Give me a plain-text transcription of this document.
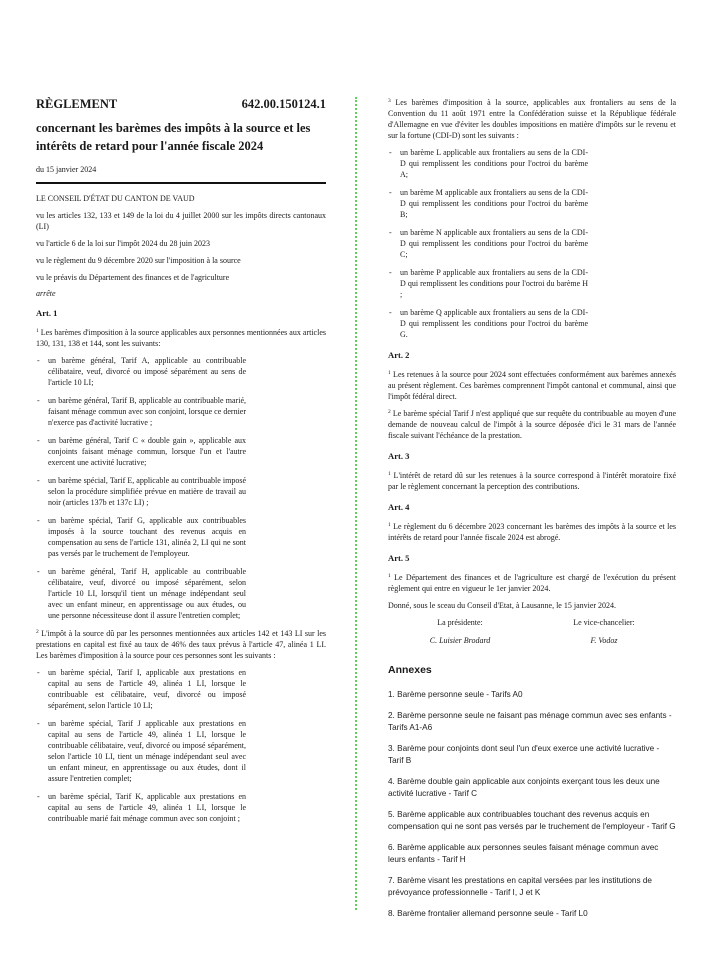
RÈGLEMENT	642.00.150124.1
concernant les barèmes des impôts à la source et les intérêts de retard pour l'année fiscale 2024
du 15 janvier 2024

LE CONSEIL D'ÉTAT DU CANTON DE VAUD

vu les articles 132, 133 et 149 de la loi du 4 juillet 2000 sur les impôts directs cantonaux (LI)

vu l'article 6 de la loi sur l'impôt 2024 du 28 juin 2023

vu le règlement du 9 décembre 2020 sur l'imposition à la source

vu le préavis du Département des finances et de l'agriculture

arrête
Art. 1

$^1$ Les barèmes d'imposition à la source applicables aux personnes mentionnées aux articles 130, 131, 138 et 144, sont les suivants:

- un barème général, Tarif A, applicable au contribuable célibataire, veuf, divorcé ou imposé séparément au sens de l'article 10 LI;
- un barème général, Tarif B, applicable au contribuable marié, faisant ménage commun avec son conjoint, lorsque ce dernier n'exerce pas d'activité lucrative ;
- un barème général, Tarif C « double gain », applicable aux conjoints faisant ménage commun, lorsque l'un et l'autre exercent une activité lucrative;
- un barème spécial, Tarif E, applicable au contribuable imposé selon la procédure simplifiée prévue en matière de travail au noir (articles 137b et 137c LI) ;
- un barème spécial, Tarif G, applicable aux contribuables imposés à la source touchant des revenus acquis en compensation au sens de l'article 131, alinéa 2, LI qui ne sont pas versés par le truchement de l'employeur.
- un barème général, Tarif H, applicable au contribuable célibataire, veuf, divorcé ou imposé séparément, selon l'article 10 LI, lorsqu'il tient un ménage indépendant seul avec un enfant mineur, en apprentissage ou aux études, ou une personne nécessiteuse dont il assure l'entretien complet;

$^2$ L'impôt à la source dû par les personnes mentionnées aux articles 142 et 143 LI sur les prestations en capital est fixé au taux de 46% des taux prévus à l'article 47, alinéa 1 LI. Les barèmes d'imposition à la source pour ces personnes sont les suivants :

- un barème spécial, Tarif I, applicable aux prestations en capital au sens de l'article 49, alinéa 1 LI, lorsque le contribuable est célibataire, veuf, divorcé ou imposé séparément, selon l'article 10 LI;
- un barème spécial, Tarif J applicable aux prestations en capital au sens de l'article 49, alinéa 1 LI, lorsque le contribuable célibataire, veuf, divorcé ou imposé séparément, selon l'article 10 LI, tient un ménage indépendant seul avec un enfant mineur, en apprentissage ou aux études, dont il assure l'entretien complet;
- un barème spécial, Tarif K, applicable aux prestations en capital au sens de l'article 49, alinéa 1 LI, lorsque le contribuable marié fait ménage commun avec son conjoint ;

$^3$ Les barèmes d'imposition à la source, applicables aux frontaliers au sens de la Convention du 11 août 1971 entre la Confédération suisse et la République fédérale d'Allemagne en vue d'éviter les doubles impositions en matière d'impôts sur le revenu et sur la fortune (CDI-D) sont les suivants :

- un barème L applicable aux frontaliers au sens de la CDI-D qui remplissent les conditions pour l'octroi du barème A;
- un barème M applicable aux frontaliers au sens de la CDI-D qui remplissent les conditions pour l'octroi du barème B;
- un barème N applicable aux frontaliers au sens de la CDI-D qui remplissent les conditions pour l'octroi du barème C;
- un barème P applicable aux frontaliers au sens de la CDI-D qui remplissent les conditions pour l'octroi du barème H ;
- un barème Q applicable aux frontaliers au sens de la CDI-D qui remplissent les conditions pour l'octroi du barème G.
Art. 2

$^1$ Les retenues à la source pour 2024 sont effectuées conformément aux barèmes annexés au présent règlement. Ces barèmes comprennent l'impôt cantonal et communal, ainsi que l'impôt fédéral direct.

$^2$ Le barème spécial Tarif J n'est appliqué que sur requête du contribuable au moyen d'une demande de nouveau calcul de l'impôt à la source déposée d'ici le 31 mars de l'année fiscale suivant l'échéance de la prestation.

Art. 3

$^1$ L'intérêt de retard dû sur les retenues à la source correspond à l'intérêt moratoire fixé par le règlement concernant la perception des contributions.

Art. 4

$^1$ Le règlement du 6 décembre 2023 concernant les barèmes des impôts à la source et les intérêts de retard pour l'année fiscale 2024 est abrogé.

Art. 5

$^1$ Le Département des finances et de l'agriculture est chargé de l'exécution du présent règlement qui entre en vigueur le 1er janvier 2024.

Donné, sous le sceau du Conseil d'Etat, à Lausanne, le 15 janvier 2024.

La présidente:
C. Luisier Brodard
Le vice-chancelier:
F. Vodoz
Annexes
1. Barème personne seule - Tarifs A0
2. Barème personne seule ne faisant pas ménage commun avec ses enfants - Tarifs A1-A6
3. Barème pour conjoints dont seul l'un d'eux exerce une activité lucrative - Tarif B
4. Barème double gain applicable aux conjoints exerçant tous les deux une activité lucrative - Tarif C
5. Barème applicable aux contribuables touchant des revenus acquis en compensation qui ne sont pas versés par le truchement de l'employeur - Tarif G
6. Barème applicable aux personnes seules faisant ménage commun avec leurs enfants - Tarif H
7. Barème visant les prestations en capital versées par les institutions de prévoyance professionnelle - Tarif I, J et K
8. Barème frontalier allemand personne seule - Tarif L0
